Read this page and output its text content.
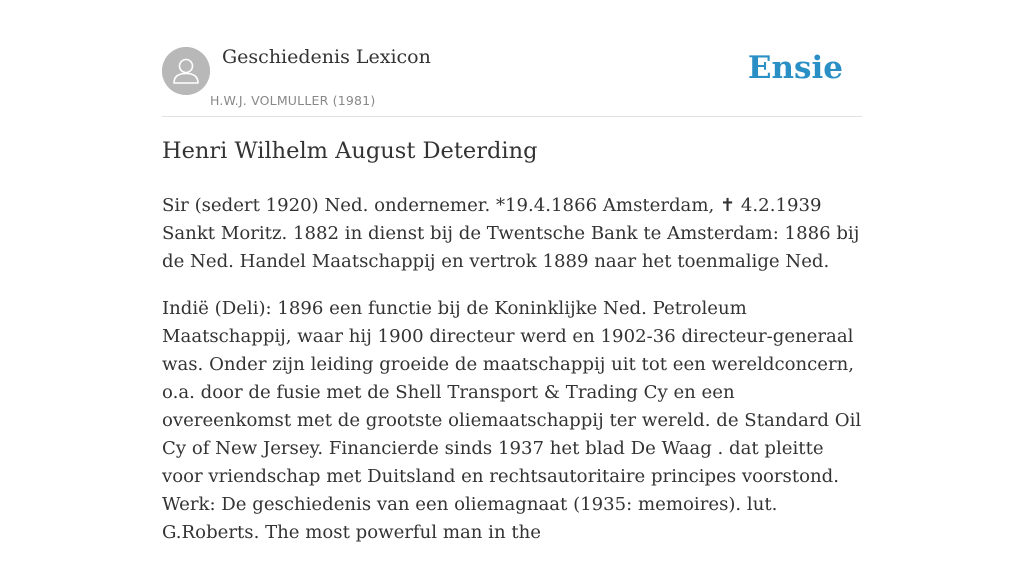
Geschiedenis Lexicon
H.W.J. VOLMULLER (1981)
Ensie
Henri Wilhelm August Deterding

Sir (sedert 1920) Ned. ondernemer. *19.4.1866 Amsterdam, ✝ 4.2.1939 Sankt Moritz. 1882 in dienst bij de Twentsche Bank te Amsterdam: 1886 bij de Ned. Handel Maatschappij en vertrok 1889 naar het toenmalige Ned.

Indië (Deli): 1896 een functie bij de Koninklijke Ned. Petroleum Maatschappij, waar hij 1900 directeur werd en 1902-36 directeur-generaal was. Onder zijn leiding groeide de maatschappij uit tot een wereldconcern, o.a. door de fusie met de Shell Transport & Trading Cy en een overeenkomst met de grootste oliemaatschappij ter wereld. de Standard Oil Cy of New Jersey. Financierde sinds 1937 het blad De Waag . dat pleitte voor vriendschap met Duitsland en rechtsautoritaire principes voorstond. Werk: De geschiedenis van een oliemagnaat (1935: memoires). lut. G.Roberts. The most powerful man in the
